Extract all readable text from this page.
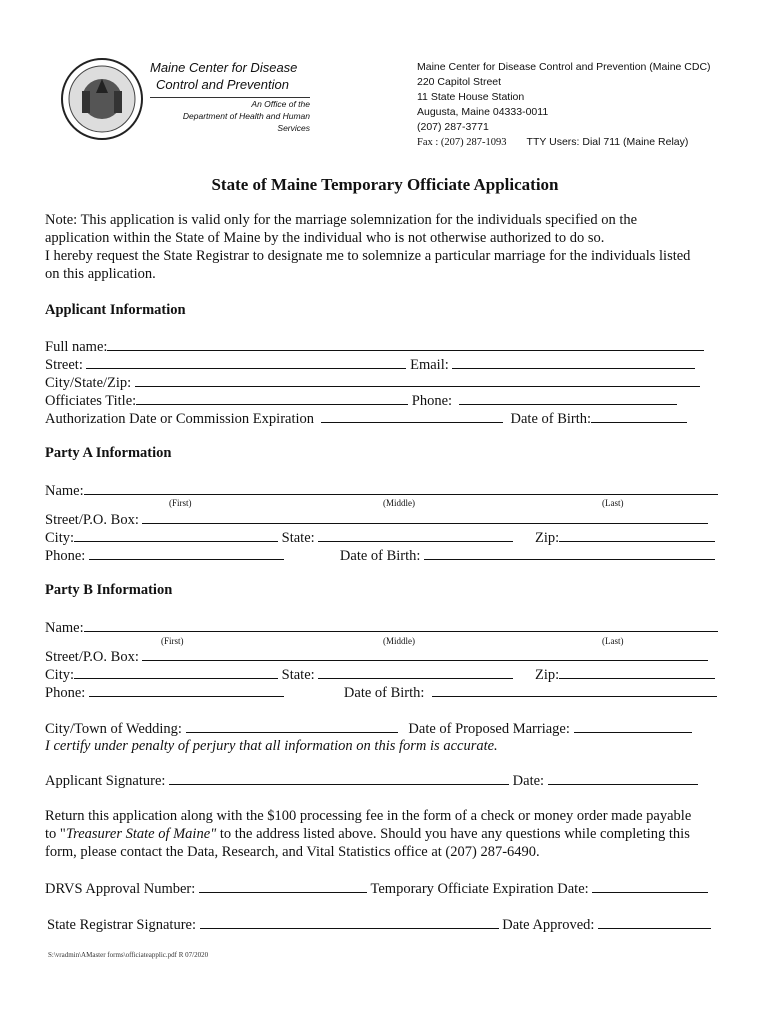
Maine Center for Disease
Control and Prevention
An Office of the
Department of Health and Human Services
Maine Center for Disease Control and Prevention (Maine CDC)
220 Capitol Street
11 State House Station
Augusta, Maine 04333-0011
(207) 287-3771
Fax : (207) 287-1093 TTY Users: Dial 711 (Maine Relay)
State of Maine Temporary Officiate Application
Note: This application is valid only for the marriage solemnization for the individuals specified on the
application within the State of Maine by the individual who is not otherwise authorized to do so.
I hereby request the State Registrar to designate me to solemnize a particular marriage for the individuals listed
on this application.
Applicant Information
Full name:
Street:	Email:
City/State/Zip:
Officiates Title:	Phone:
Authorization Date or Commission Expiration	Date of Birth:
Party A Information
Name:
(First)	(Middle)	(Last)
Street/P.O. Box:
City:	State:	Zip:
Phone:	Date of Birth:
Party B Information
Name:
(First)	(Middle)	(Last)
Street/P.O. Box:
City:	State:	Zip:
Phone:	Date of Birth:
City/Town of Wedding:	Date of Proposed Marriage:
I certify under penalty of perjury that all information on this form is accurate.
Applicant Signature:	Date:
Return this application along with the $100 processing fee in the form of a check or money order made payable
to "Treasurer State of Maine" to the address listed above. Should you have any questions while completing this
form, please contact the Data, Research, and Vital Statistics office at (207) 287-6490.
DRVS Approval Number:	Temporary Officiate Expiration Date:
State Registrar Signature:	Date Approved:
S:\vradmin\AMaster forms\officiateapplic.pdf R 07/2020
